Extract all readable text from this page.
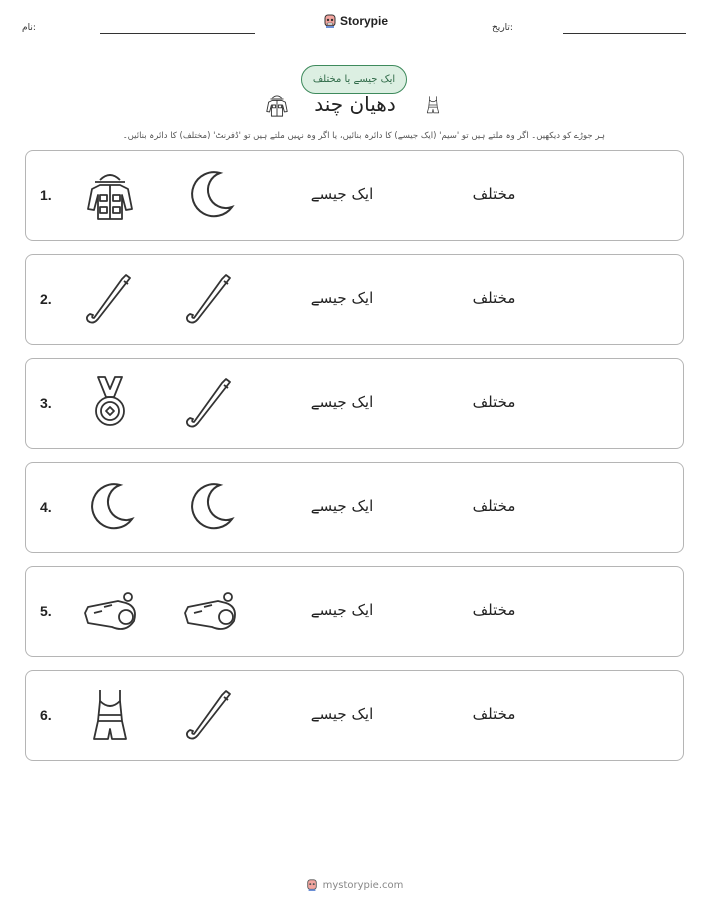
نام:	Storypie	تاریخ:
ایک جیسے یا مختلف
دھیان چند
ہر جوڑے کو دیکھیں۔ اگر وہ ملتے ہیں تو 'سیم' (ایک جیسے) کا دائرہ بنائیں، یا اگر وہ نہیں ملتے ہیں تو 'ڈفرنٹ' (مختلف) کا دائرہ بنائیں۔
1.	ایک جیسے	مختلف
2.	ایک جیسے	مختلف
3.	ایک جیسے	مختلف
4.	ایک جیسے	مختلف
5.	ایک جیسے	مختلف
6.	ایک جیسے	مختلف
mystorypie.com
